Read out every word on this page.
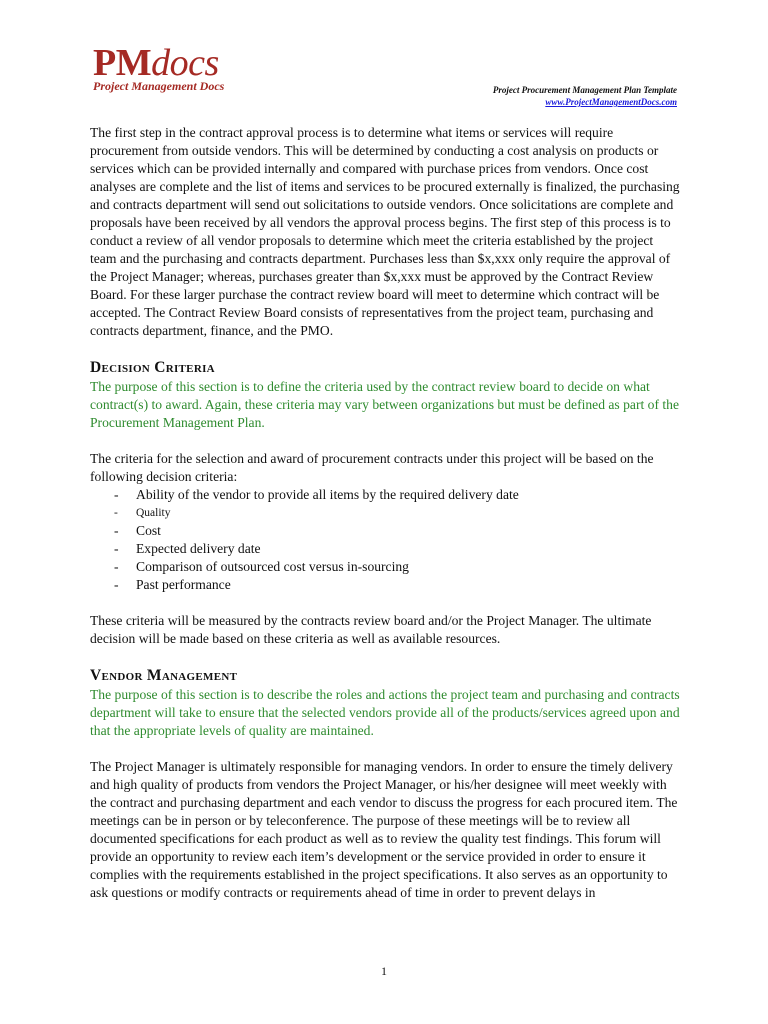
PMdocs
Project Management Docs	Project Procurement Management Plan Template
www.ProjectManagementDocs.com

The first step in the contract approval process is to determine what items or services will require procurement from outside vendors. This will be determined by conducting a cost analysis on products or services which can be provided internally and compared with purchase prices from vendors. Once cost analyses are complete and the list of items and services to be procured externally is finalized, the purchasing and contracts department will send out solicitations to outside vendors. Once solicitations are complete and proposals have been received by all vendors the approval process begins. The first step of this process is to conduct a review of all vendor proposals to determine which meet the criteria established by the project team and the purchasing and contracts department. Purchases less than $x,xxx only require the approval of the Project Manager; whereas, purchases greater than $x,xxx must be approved by the Contract Review Board. For these larger purchase the contract review board will meet to determine which contract will be accepted. The Contract Review Board consists of representatives from the project team, purchasing and contracts department, finance, and the PMO.

Decision Criteria

The purpose of this section is to define the criteria used by the contract review board to decide on what contract(s) to award. Again, these criteria may vary between organizations but must be defined as part of the Procurement Management Plan.

The criteria for the selection and award of procurement contracts under this project will be based on the following decision criteria:

- Ability of the vendor to provide all items by the required delivery date
- Quality
- Cost
- Expected delivery date
- Comparison of outsourced cost versus in-sourcing
- Past performance

These criteria will be measured by the contracts review board and/or the Project Manager. The ultimate decision will be made based on these criteria as well as available resources.

Vendor Management

The purpose of this section is to describe the roles and actions the project team and purchasing and contracts department will take to ensure that the selected vendors provide all of the products/services agreed upon and that the appropriate levels of quality are maintained.

The Project Manager is ultimately responsible for managing vendors. In order to ensure the timely delivery and high quality of products from vendors the Project Manager, or his/her designee will meet weekly with the contract and purchasing department and each vendor to discuss the progress for each procured item. The meetings can be in person or by teleconference. The purpose of these meetings will be to review all documented specifications for each product as well as to review the quality test findings. This forum will provide an opportunity to review each item’s development or the service provided in order to ensure it complies with the requirements established in the project specifications. It also serves as an opportunity to ask questions or modify contracts or requirements ahead of time in order to prevent delays in

1
